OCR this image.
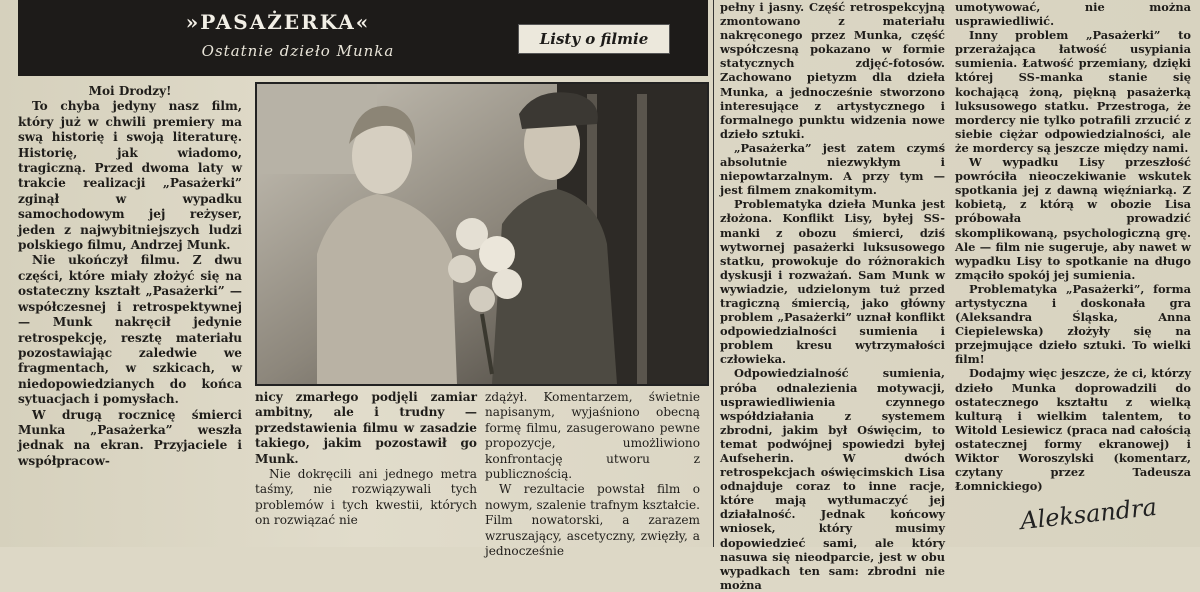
»PASAŻERKA«
Ostatnie dzieło Munka
Listy o filmie

Moi Drodzy!

To chyba jedyny nasz film, który już w chwili premiery ma swą historię i swoją literaturę. Historię, jak wiadomo, tragiczną. Przed dwoma laty w trakcie realizacji „Pasażerki” zginął w wypadku samochodowym jej reżyser, jeden z najwybitniejszych ludzi polskiego filmu, Andrzej Munk.

Nie ukończył filmu. Z dwu części, które miały złożyć się na ostateczny kształt „Pasażerki” — współczesnej i retrospektywnej — Munk nakręcił jedynie retrospekcję, resztę materiału pozostawiając zaledwie we fragmentach, w szkicach, w niedopowiedzianych do końca sytuacjach i pomysłach.

W drugą rocznicę śmierci Munka „Pasażerka” weszła jednak na ekran. Przyjaciele i współpracow-

nicy zmarłego podjęli zamiar ambitny, ale i trudny — przedstawienia filmu w zasadzie takiego, jakim pozostawił go Munk.

Nie dokręcili ani jednego metra taśmy, nie rozwiązywali tych problemów i tych kwestii, których on rozwiązać nie

zdążył. Komentarzem, świetnie napisanym, wyjaśniono obecną formę filmu, zasugerowano pewne propozycje, umożliwiono konfrontację utworu z publicznością.

W rezultacie powstał film o nowym, szalenie trafnym kształcie. Film nowatorski, a zarazem wzruszający, ascetyczny, zwięzły, a jednocześnie

pełny i jasny. Część retrospekcyjną zmontowano z materiału nakręconego przez Munka, część współczesną pokazano w formie statycznych zdjęć-fotosów. Zachowano pietyzm dla dzieła Munka, a jednocześnie stworzono interesujące z artystycznego i formalnego punktu widzenia nowe dzieło sztuki.

„Pasażerka” jest zatem czymś absolutnie niezwykłym i niepowtarzalnym. A przy tym — jest filmem znakomitym.

Problematyka dzieła Munka jest złożona. Konflikt Lisy, byłej SS-manki z obozu śmierci, dziś wytwornej pasażerki luksusowego statku, prowokuje do różnorakich dyskusji i rozważań. Sam Munk w wywiadzie, udzielonym tuż przed tragiczną śmiercią, jako główny problem „Pasażerki” uznał konflikt odpowiedzialności sumienia i problem kresu wytrzymałości człowieka.

Odpowiedzialność sumienia, próba odnalezienia motywacji, usprawiedliwienia czynnego współdziałania z systemem zbrodni, jakim był Oświęcim, to temat podwójnej spowiedzi byłej Aufseherin. W dwóch retrospekcjach oświęcimskich Lisa odnajduje coraz to inne racje, które mają wytłumaczyć jej działalność. Jednak końcowy wniosek, który musimy dopowiedzieć sami, ale który nasuwa się nieodparcie, jest w obu wypadkach ten sam: zbrodni nie można

umotywować, nie można usprawiedliwić.

Inny problem „Pasażerki” to przerażająca łatwość usypiania sumienia. Łatwość przemiany, dzięki której SS-manka stanie się kochającą żoną, piękną pasażerką luksusowego statku. Przestroga, że mordercy nie tylko potrafili zrzucić z siebie ciężar odpowiedzialności, ale że mordercy są jeszcze między nami.

W wypadku Lisy przeszłość powróciła nieoczekiwanie wskutek spotkania jej z dawną więźniarką. Z kobietą, z którą w obozie Lisa próbowała prowadzić skomplikowaną, psychologiczną grę. Ale — film nie sugeruje, aby nawet w wypadku Lisy to spotkanie na długo zmąciło spokój jej sumienia.

Problematyka „Pasażerki”, forma artystyczna i doskonała gra (Aleksandra Śląska, Anna Ciepielewska) złożyły się na przejmujące dzieło sztuki. To wielki film!

Dodajmy więc jeszcze, że ci, którzy dzieło Munka doprowadzili do ostatecznego kształtu z wielką kulturą i wielkim talentem, to Witold Lesiewicz (praca nad całością ostatecznej formy ekranowej) i Wiktor Woroszylski (komentarz, czytany przez Tadeusza Łomnickiego)

Aleksandra
